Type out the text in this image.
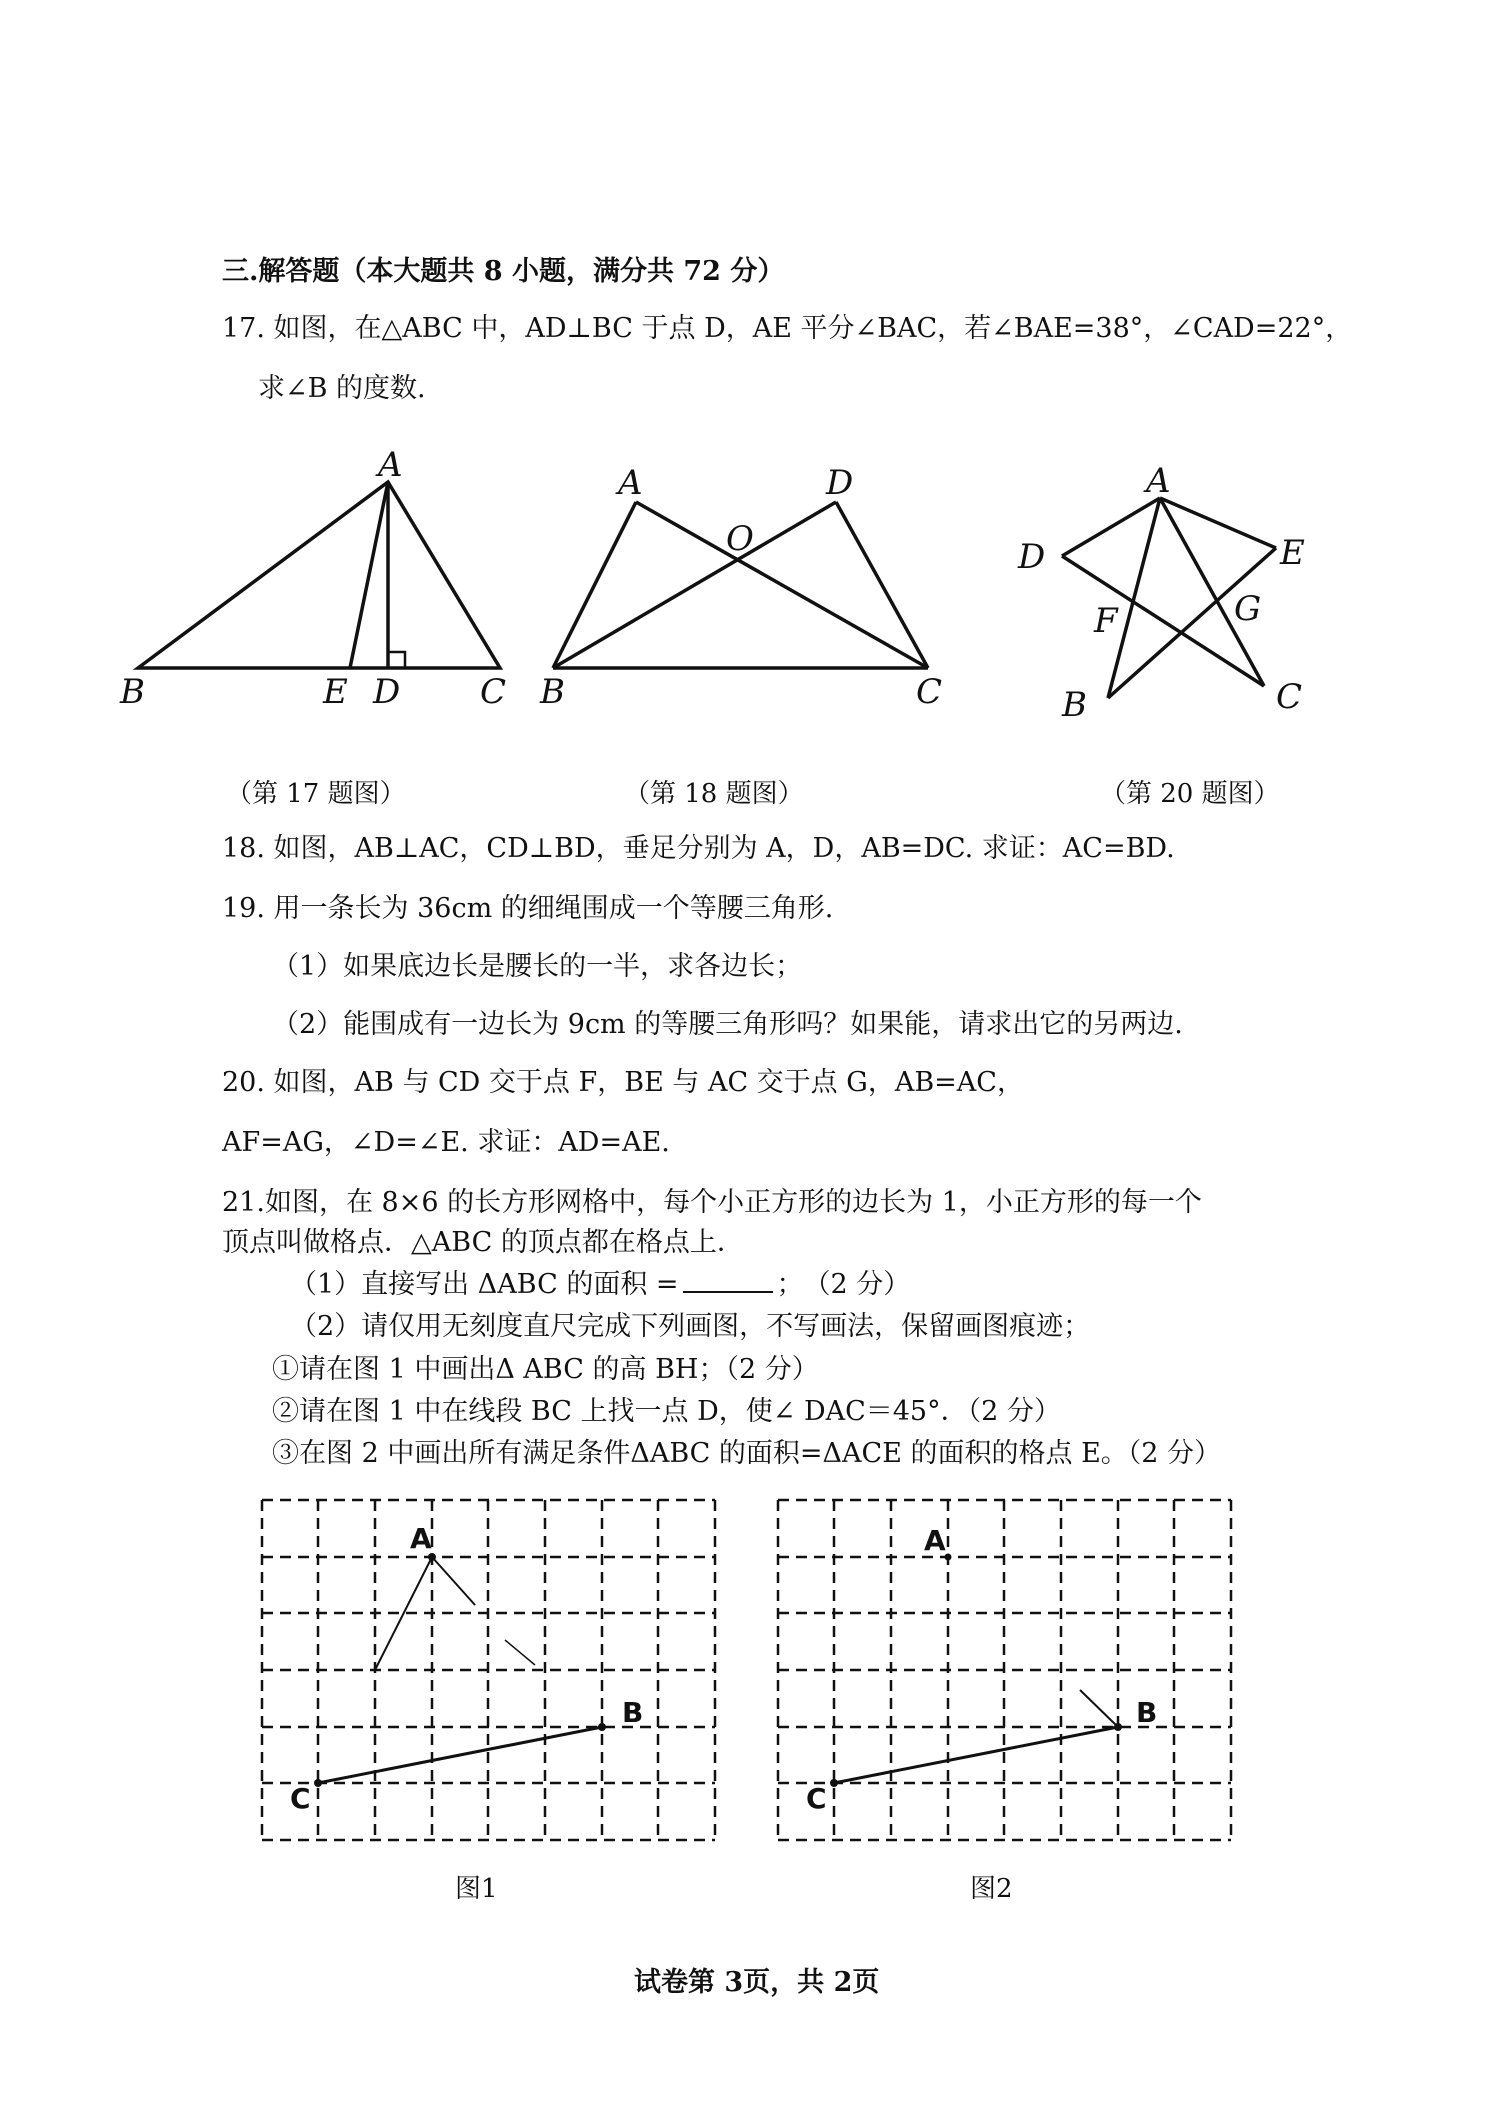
三.解答题（本大题共 8 小题，满分共 72 分）
17. 如图，在△ABC 中，AD⊥BC 于点 D，AE 平分∠BAC，若∠BAE=38°，∠CAD=22°，
求∠B 的度数.
A
B	E D C
A	D
O
B	C
A
D	E
F	G
B	C
（第 17 题图）	（第 18 题图）	（第 20 题图）
18. 如图，AB⊥AC，CD⊥BD，垂足分别为 A，D，AB=DC. 求证：AC=BD.
19. 用一条长为 36cm 的细绳围成一个等腰三角形.
（1）如果底边长是腰长的一半，求各边长；
（2）能围成有一边长为 9cm 的等腰三角形吗？如果能，请求出它的另两边.
20. 如图，AB 与 CD 交于点 F，BE 与 AC 交于点 G，AB=AC，
AF=AG，∠D=∠E. 求证：AD=AE.
21.如图，在 8×6 的长方形网格中，每个小正方形的边长为 1，小正方形的每一个
顶点叫做格点．△ABC 的顶点都在格点上．
（1）直接写出 ΔABC 的面积 =	；　（2 分）
（2）请仅用无刻度直尺完成下列画图，不写画法，保留画图痕迹；
①请在图 1 中画出Δ ABC 的高 BH；（2 分）
②请在图 1 中在线段 BC 上找一点 D，使∠ DAC＝45°．（2 分）
③在图 2 中画出所有满足条件ΔABC 的面积=ΔACE 的面积的格点 E。（2 分）
A
B
C
A
B
C
图1	图2
试卷第 3页，共 2页
